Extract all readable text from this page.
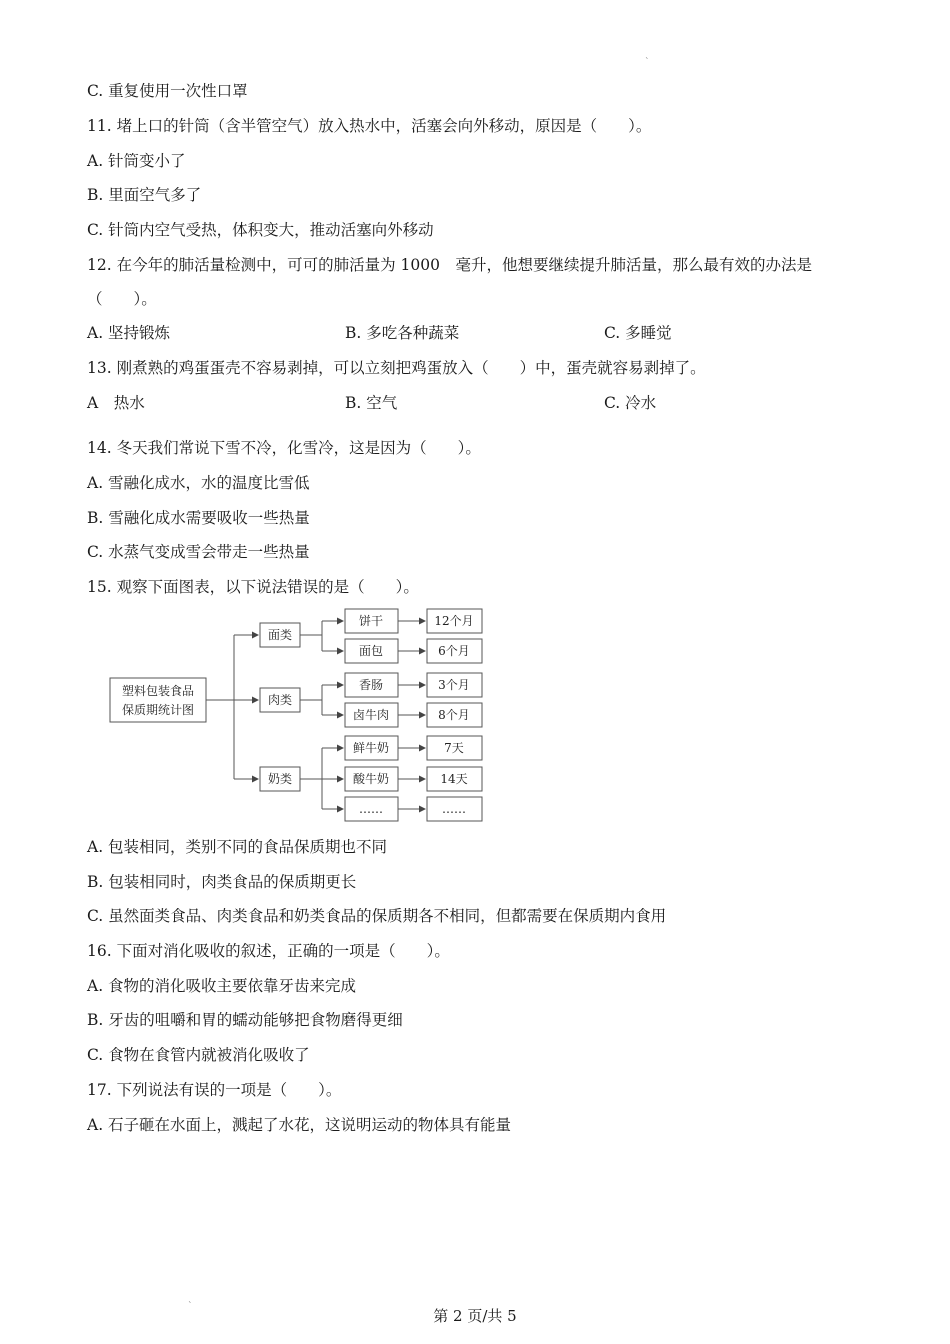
`
`
C. 重复使用一次性口罩
11. 堵上口的针筒（含半管空气）放入热水中，活塞会向外移动，原因是（　　）。
A. 针筒变小了
B. 里面空气多了
C. 针筒内空气受热，体积变大，推动活塞向外移动
12. 在今年的肺活量检测中，可可的肺活量为 1000　毫升，他想要继续提升肺活量，那么最有效的办法是
（　　）。
A. 坚持锻炼	B. 多吃各种蔬菜	C. 多睡觉
13. 刚煮熟的鸡蛋蛋壳不容易剥掉，可以立刻把鸡蛋放入（　　）中，蛋壳就容易剥掉了。
A　热水	B. 空气	C. 冷水
14. 冬天我们常说下雪不冷，化雪冷，这是因为（　　）。
A. 雪融化成水，水的温度比雪低
B. 雪融化成水需要吸收一些热量
C. 水蒸气变成雪会带走一些热量
15. 观察下面图表，以下说法错误的是（　　）。
塑料包装食品
保质期统计图
面类
肉类
奶类
饼干
面包
香肠
卤牛肉
鲜牛奶
酸牛奶
……
12个月
6个月
3个月
8个月
7天
14天
……
A. 包装相同，类别不同的食品保质期也不同
B. 包装相同时，肉类食品的保质期更长
C. 虽然面类食品、肉类食品和奶类食品的保质期各不相同，但都需要在保质期内食用
16. 下面对消化吸收的叙述，正确的一项是（　　）。
A. 食物的消化吸收主要依靠牙齿来完成
B. 牙齿的咀嚼和胃的蠕动能够把食物磨得更细
C. 食物在食管内就被消化吸收了
17. 下列说法有误的一项是（　　）。
A. 石子砸在水面上，溅起了水花，这说明运动的物体具有能量
第 2 页/共 5
